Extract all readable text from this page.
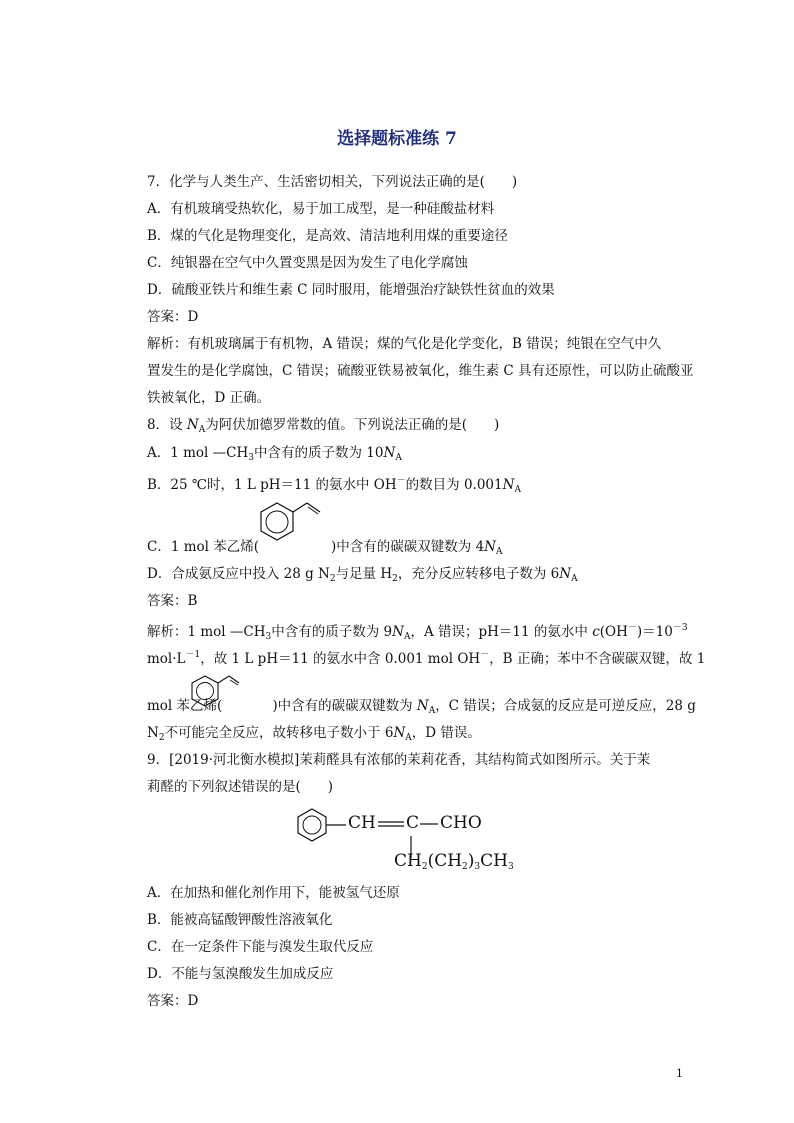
选择题标准练 7
7．化学与人类生产、生活密切相关，下列说法正确的是(　　)
A．有机玻璃受热软化，易于加工成型，是一种硅酸盐材料
B．煤的气化是物理变化，是高效、清洁地利用煤的重要途径
C．纯银器在空气中久置变黑是因为发生了电化学腐蚀
D．硫酸亚铁片和维生素 C 同时服用，能增强治疗缺铁性贫血的效果
答案：D
解析：有机玻璃属于有机物，A 错误；煤的气化是化学变化，B 错误；纯银在空气中久
置发生的是化学腐蚀，C 错误；硫酸亚铁易被氧化，维生素 C 具有还原性，可以防止硫酸亚
铁被氧化，D 正确。
8．设 $N_A$为阿伏加德罗常数的值。下列说法正确的是(　　)
A．1 mol $—CH_3$中含有的质子数为 $10N_A$
B．25 ℃时，1 L pH＝11 的氨水中 OH－的数目为 $0.001N_A$
C．1 mol 苯乙烯(	)中含有的碳碳双键数为 $4N_A$
D．合成氨反应中投入 28 g $N_2$与足量 $H_2$，充分反应转移电子数为 $6N_A$
答案：B
解析：1 mol $—CH_3$中含有的质子数为 $9N_A$，A 错误；pH＝11 的氨水中 $c(OH^-)=10^{-3}$
$mol\cdot L^{-1}$，故 1 L pH＝11 的氨水中含 0.001 mol OH－，B 正确；苯中不含碳碳双键，故 1
mol 苯乙烯(	)中含有的碳碳双键数为 $N_A$，C 错误；合成氨的反应是可逆反应，28 g
$N_2$不可能完全反应，故转移电子数小于 $6N_A$，D 错误。
9．[2019·河北衡水模拟]茉莉醛具有浓郁的茉莉花香，其结构简式如图所示。关于茉
莉醛的下列叙述错误的是(　　)
CH C CHO
$CH_2(CH_2)_3CH_3$
A．在加热和催化剂作用下，能被氢气还原
B．能被高锰酸钾酸性溶液氧化
C．在一定条件下能与溴发生取代反应
D．不能与氢溴酸发生加成反应
答案：D
1
